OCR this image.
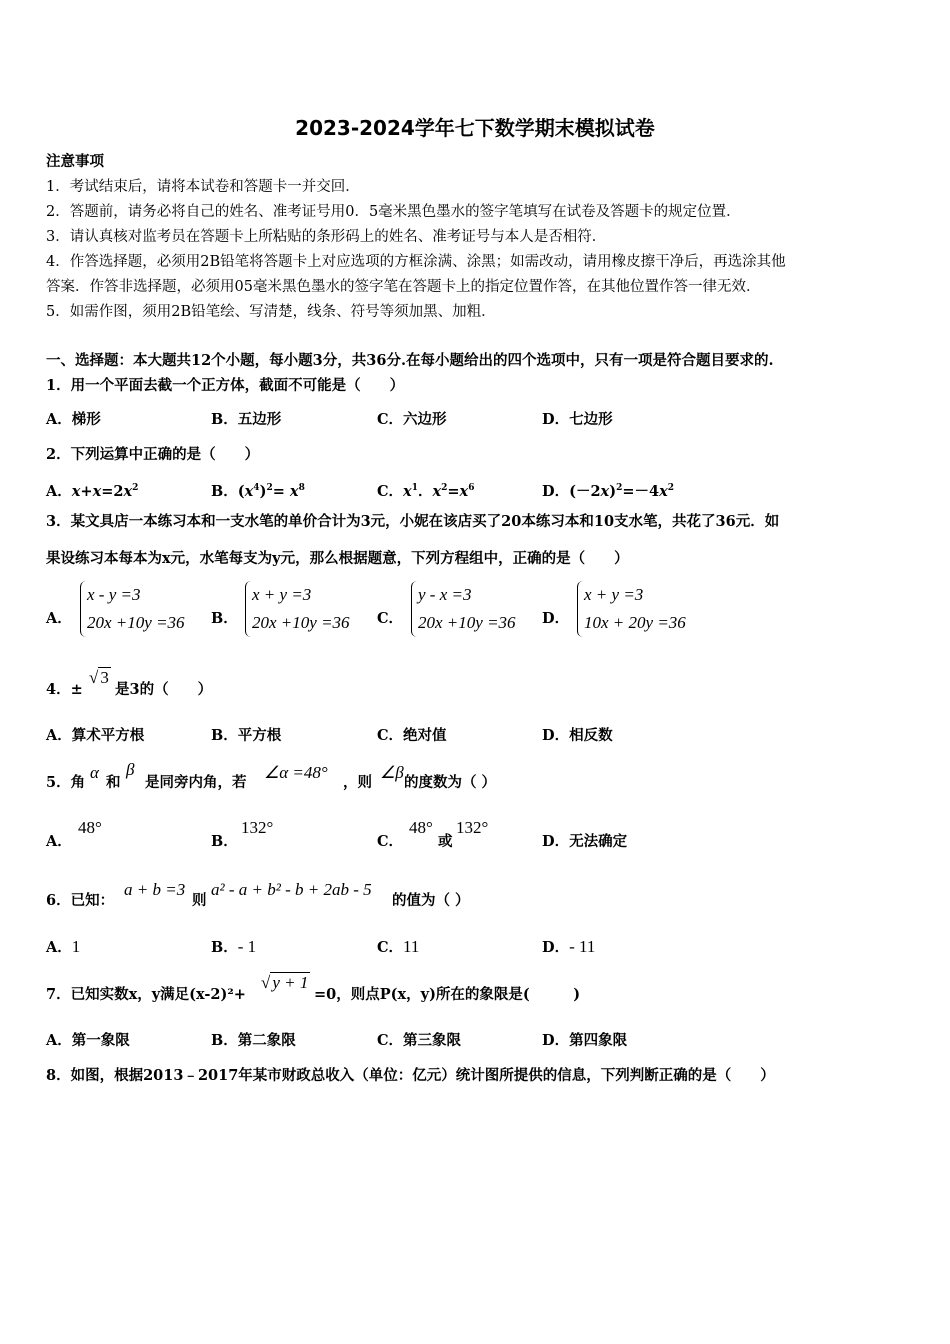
2023-2024学年七下数学期末模拟试卷
注意事项
1．考试结束后，请将本试卷和答题卡一并交回．
2．答题前，请务必将自己的姓名、准考证号用0．5毫米黑色墨水的签字笔填写在试卷及答题卡的规定位置．
3．请认真核对监考员在答题卡上所粘贴的条形码上的姓名、准考证号与本人是否相符．
4．作答选择题，必须用2B铅笔将答题卡上对应选项的方框涂满、涂黑；如需改动，请用橡皮擦干净后，再选涂其他
答案．作答非选择题，必须用05毫米黑色墨水的签字笔在答题卡上的指定位置作答，在其他位置作答一律无效．
5．如需作图，须用2B铅笔绘、写清楚，线条、符号等须加黑、加粗．
一、选择题：本大题共12个小题，每小题3分，共36分.在每小题给出的四个选项中，只有一项是符合题目要求的.
1．用一个平面去截一个正方体，截面不可能是（　　）
A．梯形	B．五边形	C．六边形	D．七边形
2．下列运算中正确的是（　　）
A．$x+x=2x^2$	B．$(x^4)^2= x^8$	C．$x^1$．$x^2=x^6$	D．$(-2x)^2=-4x^2$
3．某文具店一本练习本和一支水笔的单价合计为3元，小妮在该店买了20本练习本和10支水笔，共花了36元．如
果设练习本每本为x元，水笔每支为y元，那么根据题意，下列方程组中，正确的是（　　）
A．
x - y =3
20x +10y =36 B．
x + y =3
20x +10y =36 C．
y - x =3
20x +10y =36 D．
x + y =3
10x + 20y =36
4．±
√ 3
是3的（　　）
A．算术平方根	B．平方根	C．绝对值	D．相反数
5．角
α
和
β
是同旁内角，若
∠α =48°
，则
∠β
的度数为（ ）
A．
48°
B．
132°
C．
48°
或
132°
D．无法确定
6．已知：
a + b =3
则
a² - a + b² - b + 2ab - 5
的值为（ ）
A．1	B．- 1	C．11	D．- 11
7．已知实数x，y满足(x-2)²+
√ y + 1
=0，则点P(x，y)所在的象限是(　　　)
A．第一象限	B．第二象限	C．第三象限	D．第四象限
8．如图，根据2013﹣2017年某市财政总收入（单位：亿元）统计图所提供的信息，下列判断正确的是（　　）
